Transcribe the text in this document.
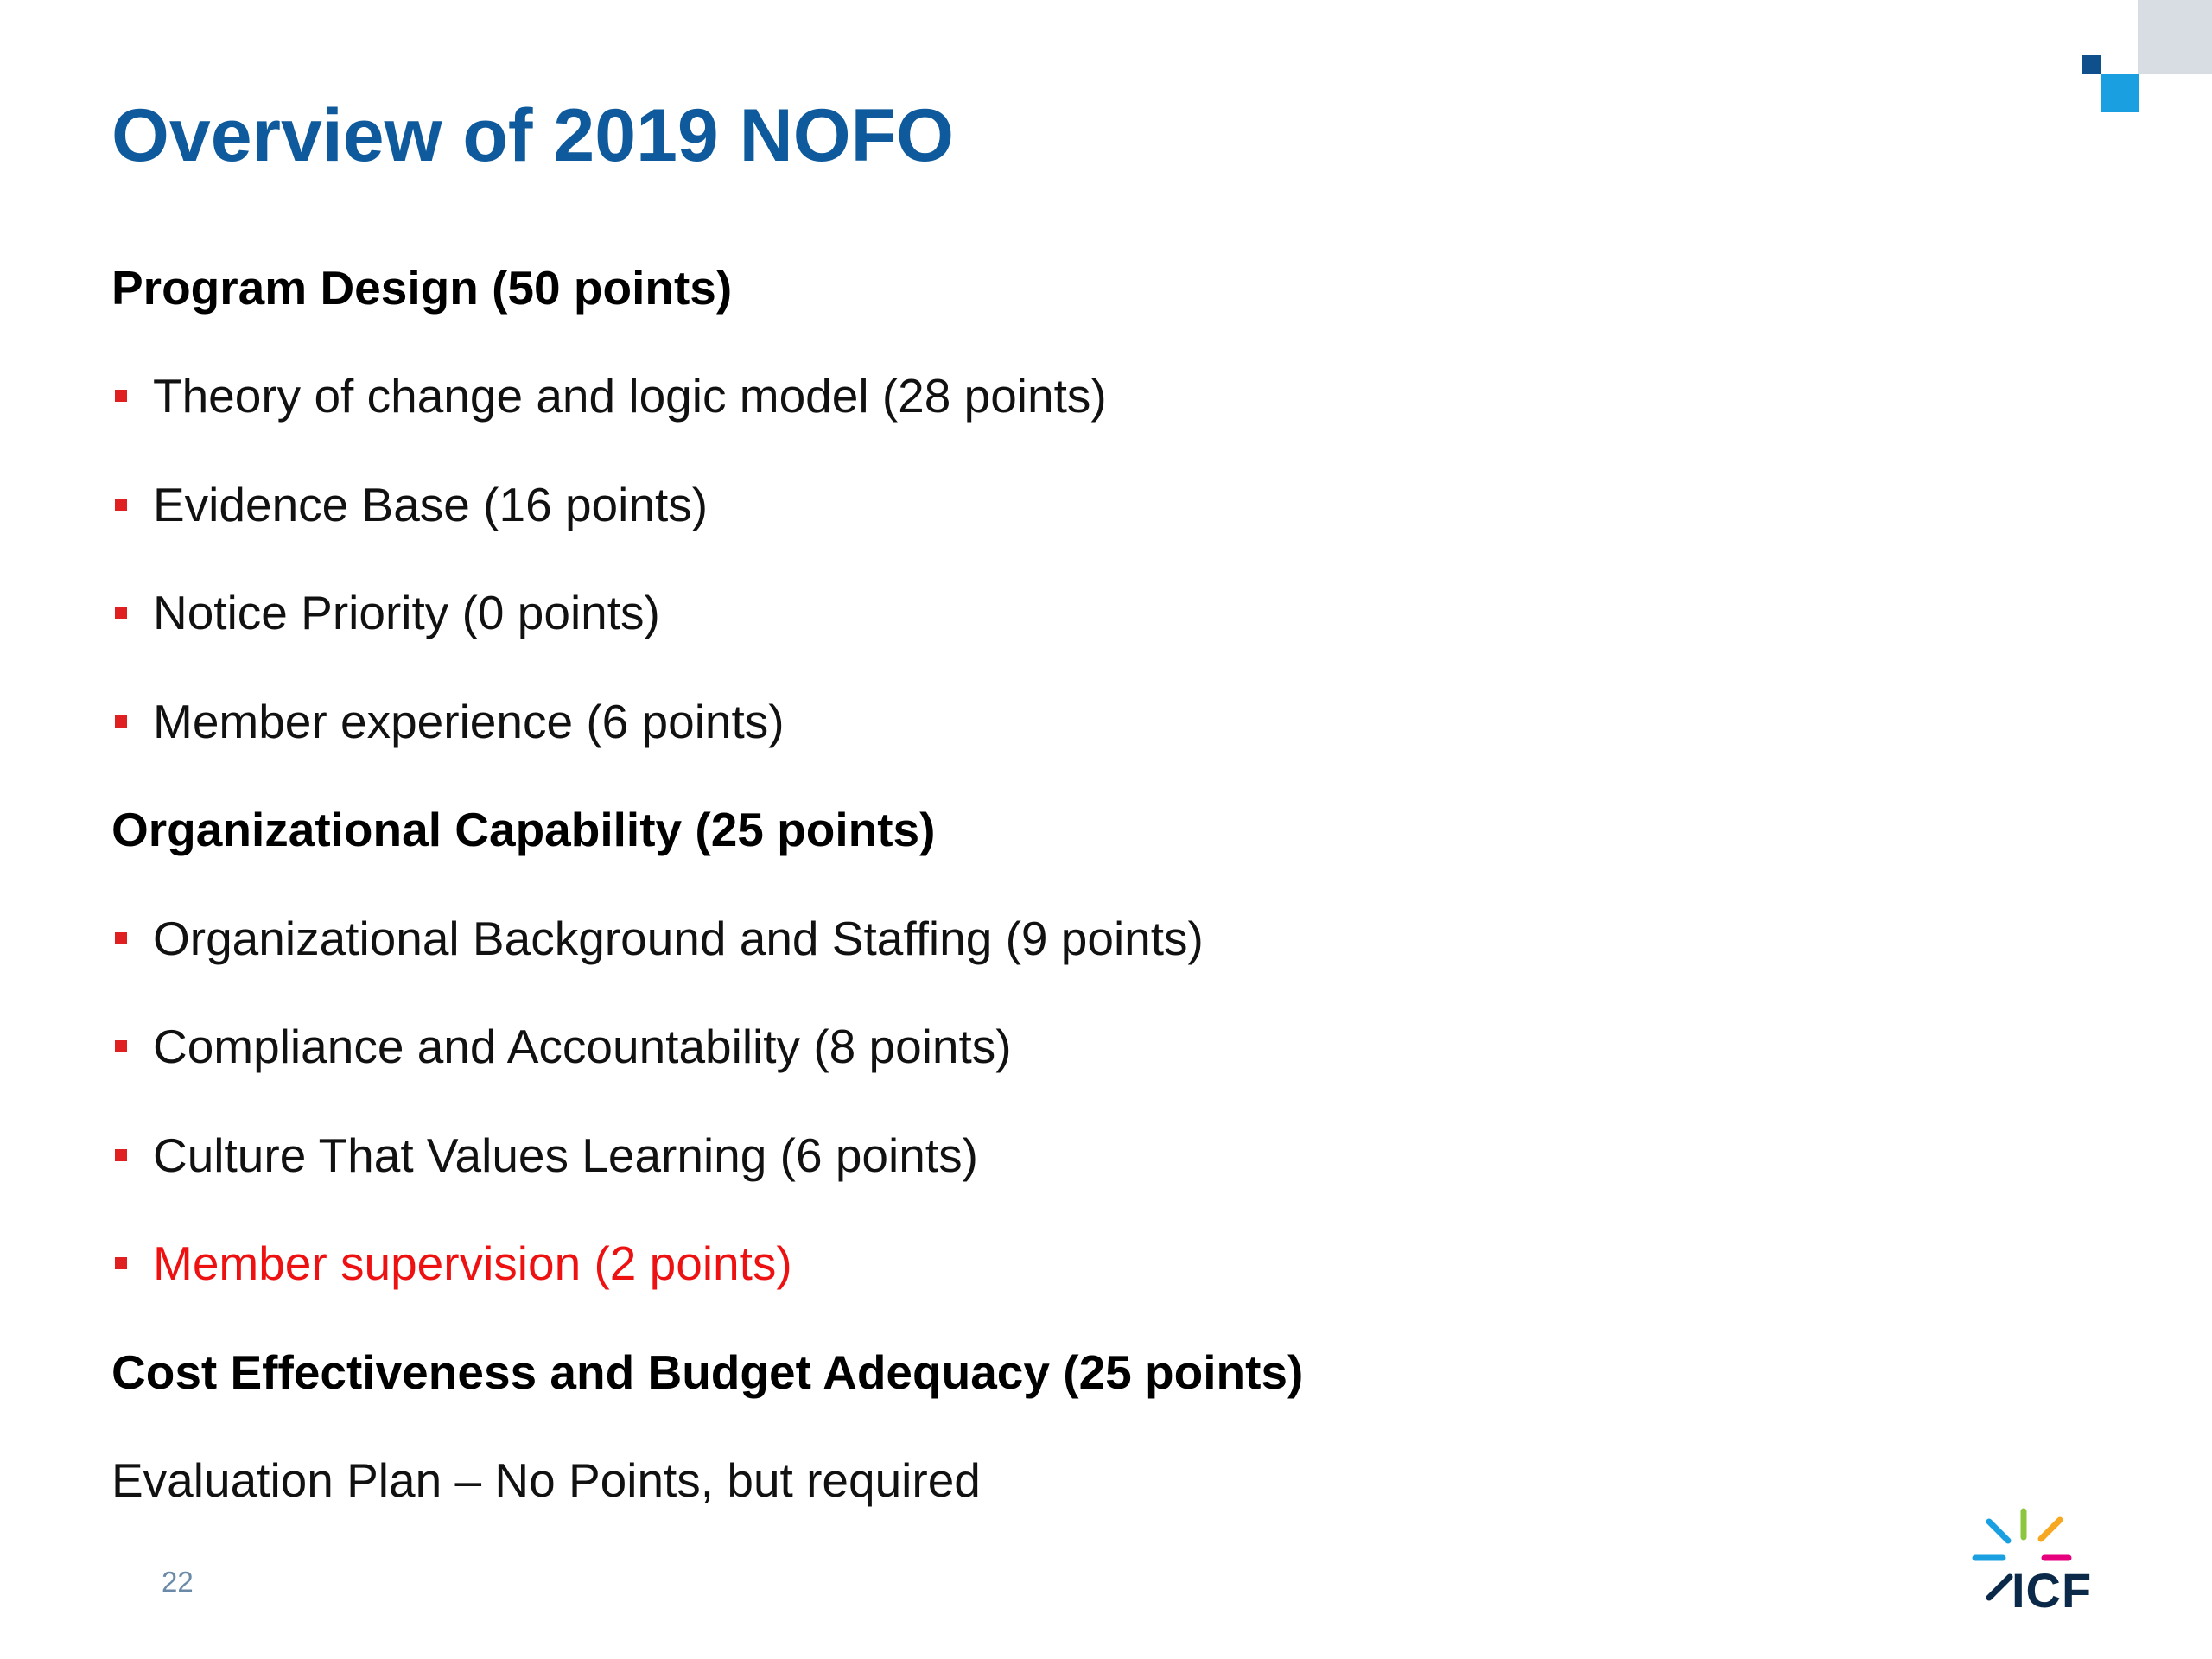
Overview of 2019 NOFO
Program Design (50 points)
Theory of change and logic model (28 points)
Evidence Base (16 points)
Notice Priority (0 points)
Member experience (6 points)
Organizational Capability (25 points)
Organizational Background and Staffing (9 points)
Compliance and Accountability (8 points)
Culture That Values Learning (6 points)
Member supervision (2 points)
Cost Effectiveness and Budget Adequacy (25 points)
Evaluation Plan – No Points, but required
22	ICF
